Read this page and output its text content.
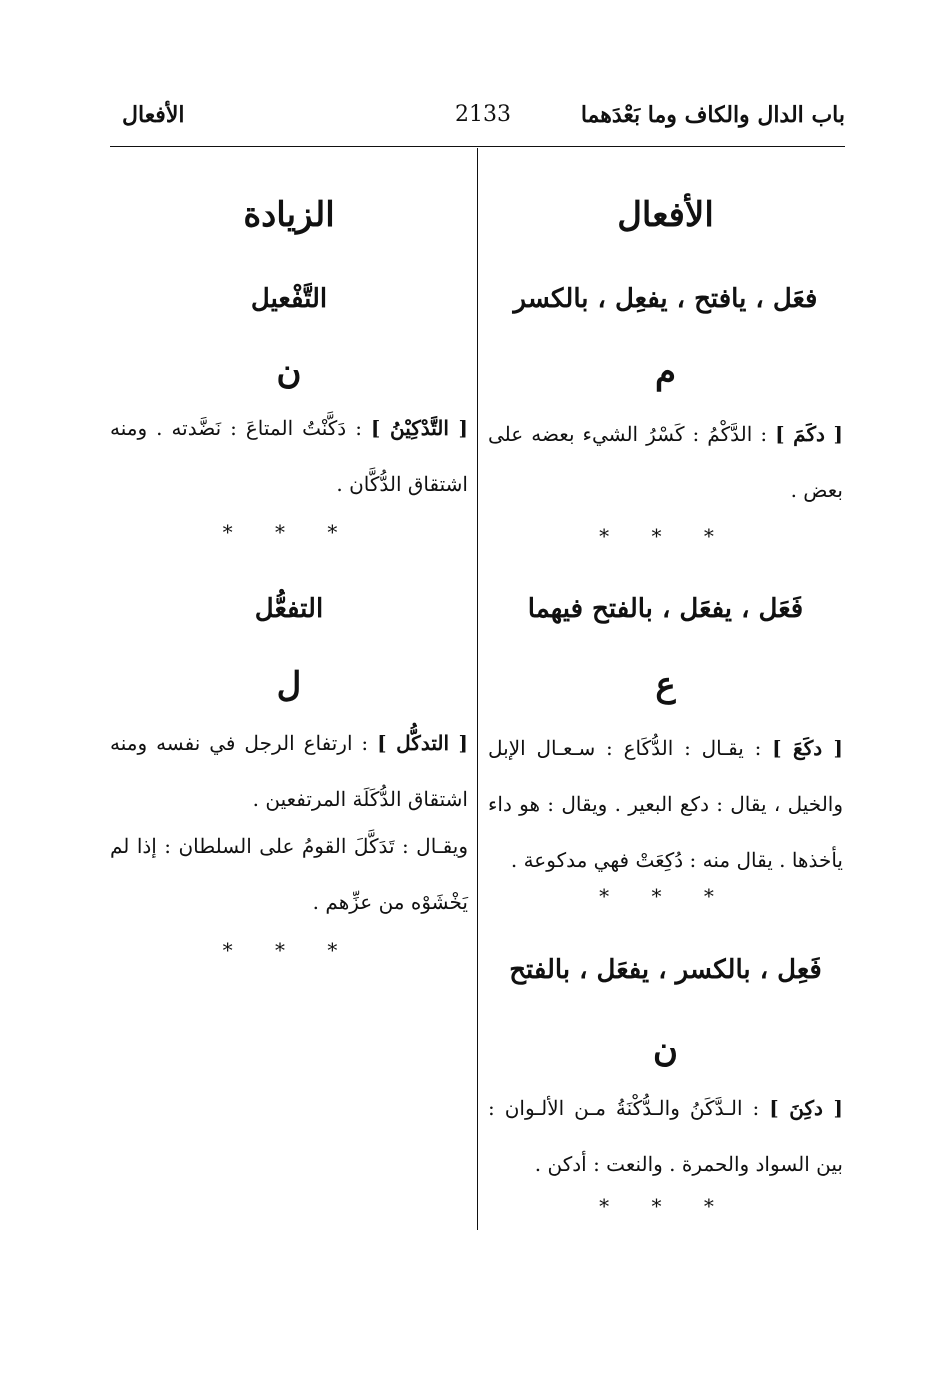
باب الدال والكاف وما بَعْدَهما
2133
الأفعال
الأفعال
فعَل ، يافتح ، يفعِل ، بالكسر
م
[ دكَمَ ] : الدَّكْمُ : كَسْرُ الشيء بعضه على بعض .
* * *
فَعَل ، يفعَل ، بالفتح فيهما
ع
[ دكَعَ ] : يقـال : الدُّكَاع : سـعـال الإبل والخيل ، يقال : دكع البعير . ويقال : هو داء يأخذها . يقال منه : دُكِعَتْ فهي مدكوعة .
* * *
فَعِل ، بالكسر ، يفعَل ، بالفتح
ن
[ دكِنَ ] : الـدَّكَنُ والـدُّكْنَةُ مـن الألـوان : بين السواد والحمرة . والنعت : أدكن .
* * *
الزيادة
التَّفْعيل
ن
[ التَّدْكِيْنُ ] : دَكَّنْتُ المتاعَ : نَضَّدته . ومنه اشتقاق الدُّكَّان .
* * *
التفعُّل
ل
[ التدكُّل ] : ارتفاع الرجل في نفسه ومنه اشتقاق الدُّكَلَة المرتفعين .
ويقـال : تَدَكَّلَ القومُ على السلطان : إذا لم يَخْشَوْه من عزِّهم .
* * *
